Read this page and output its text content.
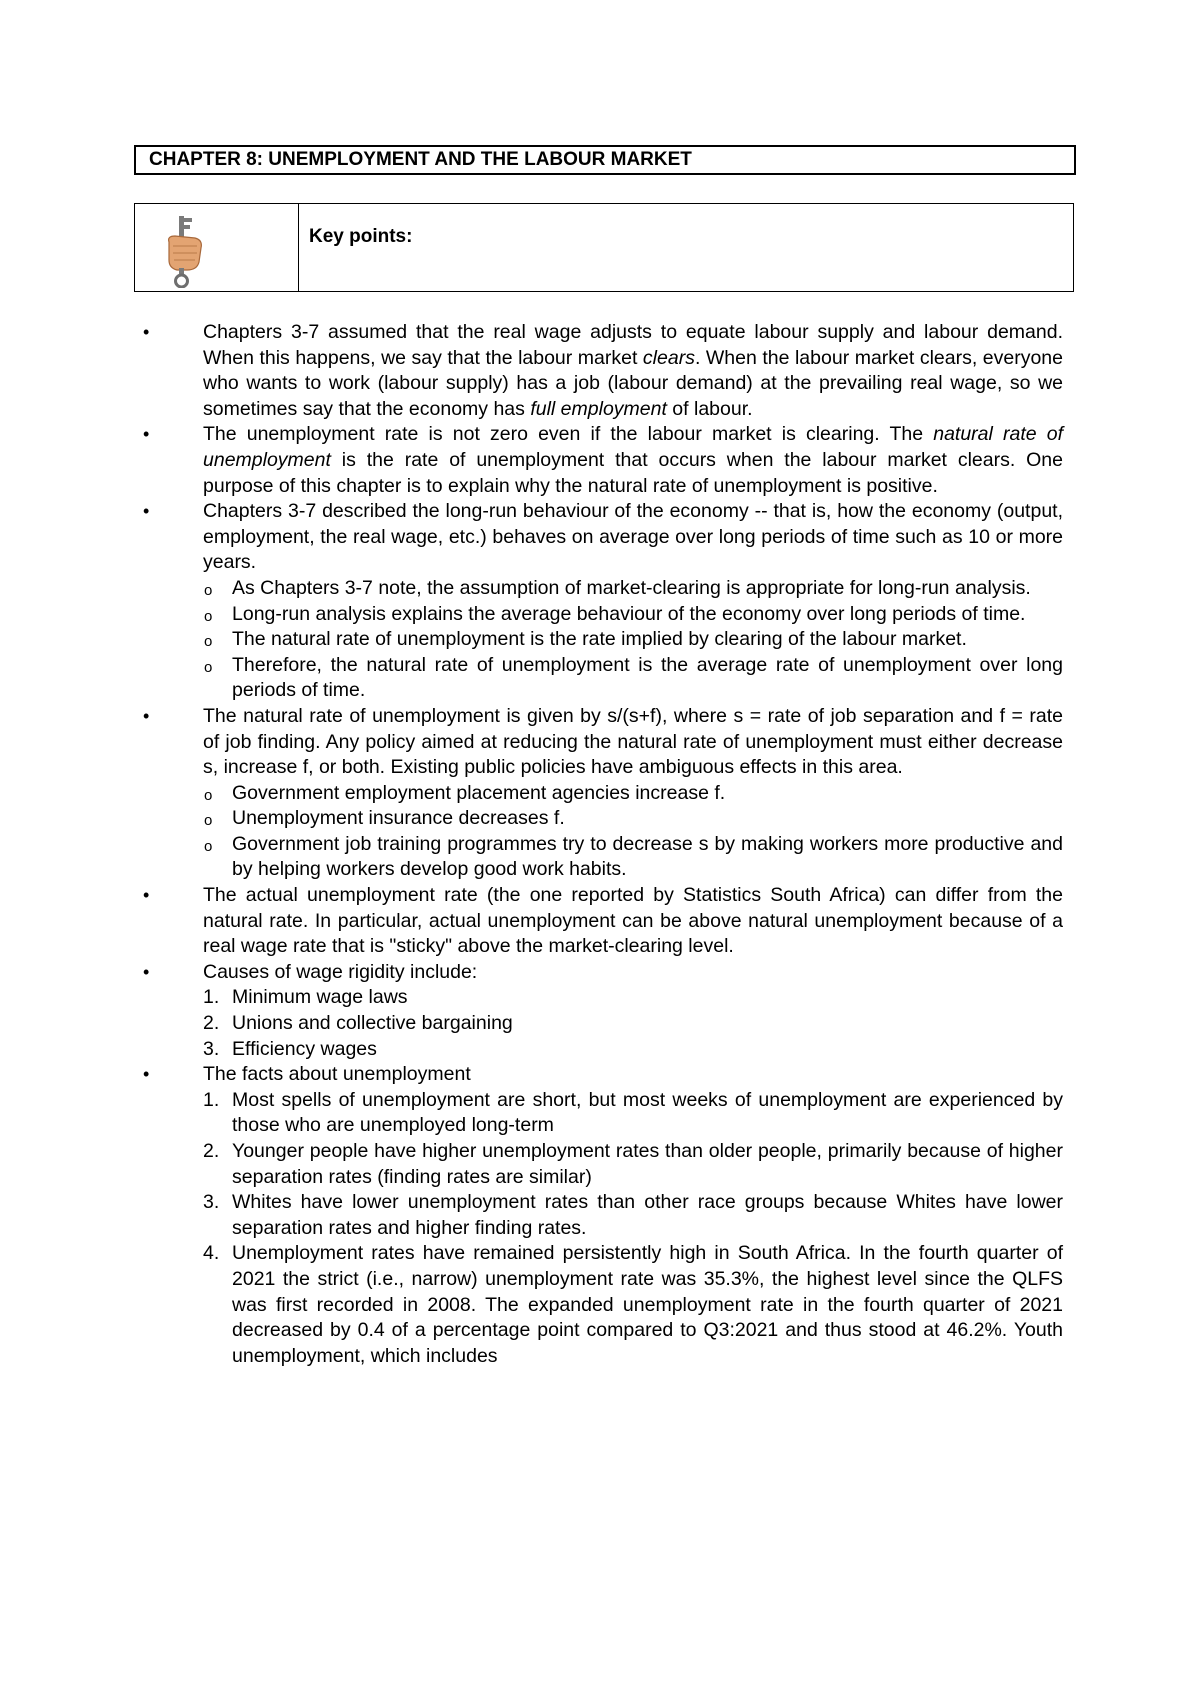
CHAPTER 8: UNEMPLOYMENT AND THE LABOUR MARKET
Key points:
•	Chapters 3-7 assumed that the real wage adjusts to equate labour supply and labour demand. When this happens, we say that the labour market clears. When the labour market clears, everyone who wants to work (labour supply) has a job (labour demand) at the prevailing real wage, so we sometimes say that the economy has full employment of labour.
•	The unemployment rate is not zero even if the labour market is clearing. The natural rate of unemployment is the rate of unemployment that occurs when the labour market clears. One purpose of this chapter is to explain why the natural rate of unemployment is positive.
•	Chapters 3-7 described the long-run behaviour of the economy -- that is, how the economy (output, employment, the real wage, etc.) behaves on average over long periods of time such as 10 or more years.
o As Chapters 3-7 note, the assumption of market-clearing is appropriate for long-run analysis.
o Long-run analysis explains the average behaviour of the economy over long periods of time.
o The natural rate of unemployment is the rate implied by clearing of the labour market.
o Therefore, the natural rate of unemployment is the average rate of unemployment over long periods of time.
•	The natural rate of unemployment is given by s/(s+f), where s = rate of job separation and f = rate of job finding. Any policy aimed at reducing the natural rate of unemployment must either decrease s, increase f, or both. Existing public policies have ambiguous effects in this area.
o Government employment placement agencies increase f.
o Unemployment insurance decreases f.
o Government job training programmes try to decrease s by making workers more productive and by helping workers develop good work habits.
•	The actual unemployment rate (the one reported by Statistics South Africa) can differ from the natural rate. In particular, actual unemployment can be above natural unemployment because of a real wage rate that is "sticky" above the market-clearing level.
•	Causes of wage rigidity include:
1. Minimum wage laws
2. Unions and collective bargaining
3. Efficiency wages
•	The facts about unemployment
1. Most spells of unemployment are short, but most weeks of unemployment are experienced by those who are unemployed long-term
2. Younger people have higher unemployment rates than older people, primarily because of higher separation rates (finding rates are similar)
3. Whites have lower unemployment rates than other race groups because Whites have lower separation rates and higher finding rates.
4. Unemployment rates have remained persistently high in South Africa. In the fourth quarter of 2021 the strict (i.e., narrow) unemployment rate was 35.3%, the highest level since the QLFS was first recorded in 2008. The expanded unemployment rate in the fourth quarter of 2021 decreased by 0.4 of a percentage point compared to Q3:2021 and thus stood at 46.2%. Youth unemployment, which includes
